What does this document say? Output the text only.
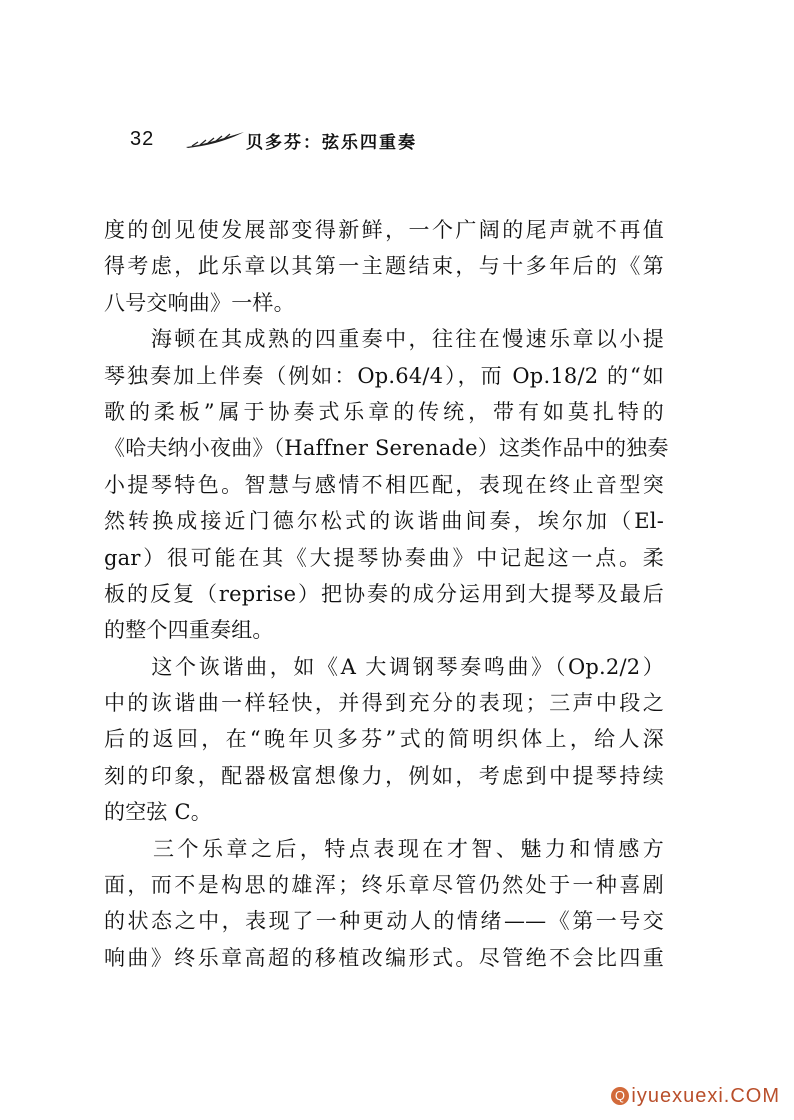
32	贝多芬：弦乐四重奏
度的创见使发展部变得新鲜，一个广阔的尾声就不再值
得考虑，此乐章以其第一主题结束，与十多年后的《第
八号交响曲》一样。
　　海顿在其成熟的四重奏中，往往在慢速乐章以小提
琴独奏加上伴奏（例如：Op.64/4），而 Op.18/2 的“如
歌的柔板”属于协奏式乐章的传统，带有如莫扎特的
《哈夫纳小夜曲》（Haffner Serenade）这类作品中的独奏
小提琴特色。智慧与感情不相匹配，表现在终止音型突
然转换成接近门德尔松式的诙谐曲间奏，埃尔加（El-
gar）很可能在其《大提琴协奏曲》中记起这一点。柔
板的反复（reprise）把协奏的成分运用到大提琴及最后
的整个四重奏组。
　　这个诙谐曲，如《A 大调钢琴奏鸣曲》（Op.2/2）
中的诙谐曲一样轻快，并得到充分的表现；三声中段之
后的返回，在“晚年贝多芬”式的简明织体上，给人深
刻的印象，配器极富想像力，例如，考虑到中提琴持续
的空弦 C。
　　三个乐章之后，特点表现在才智、魅力和情感方
面，而不是构思的雄浑；终乐章尽管仍然处于一种喜剧
的状态之中，表现了一种更动人的情绪——《第一号交
响曲》终乐章高超的移植改编形式。尽管绝不会比四重
Q iyuexuexi.COM
